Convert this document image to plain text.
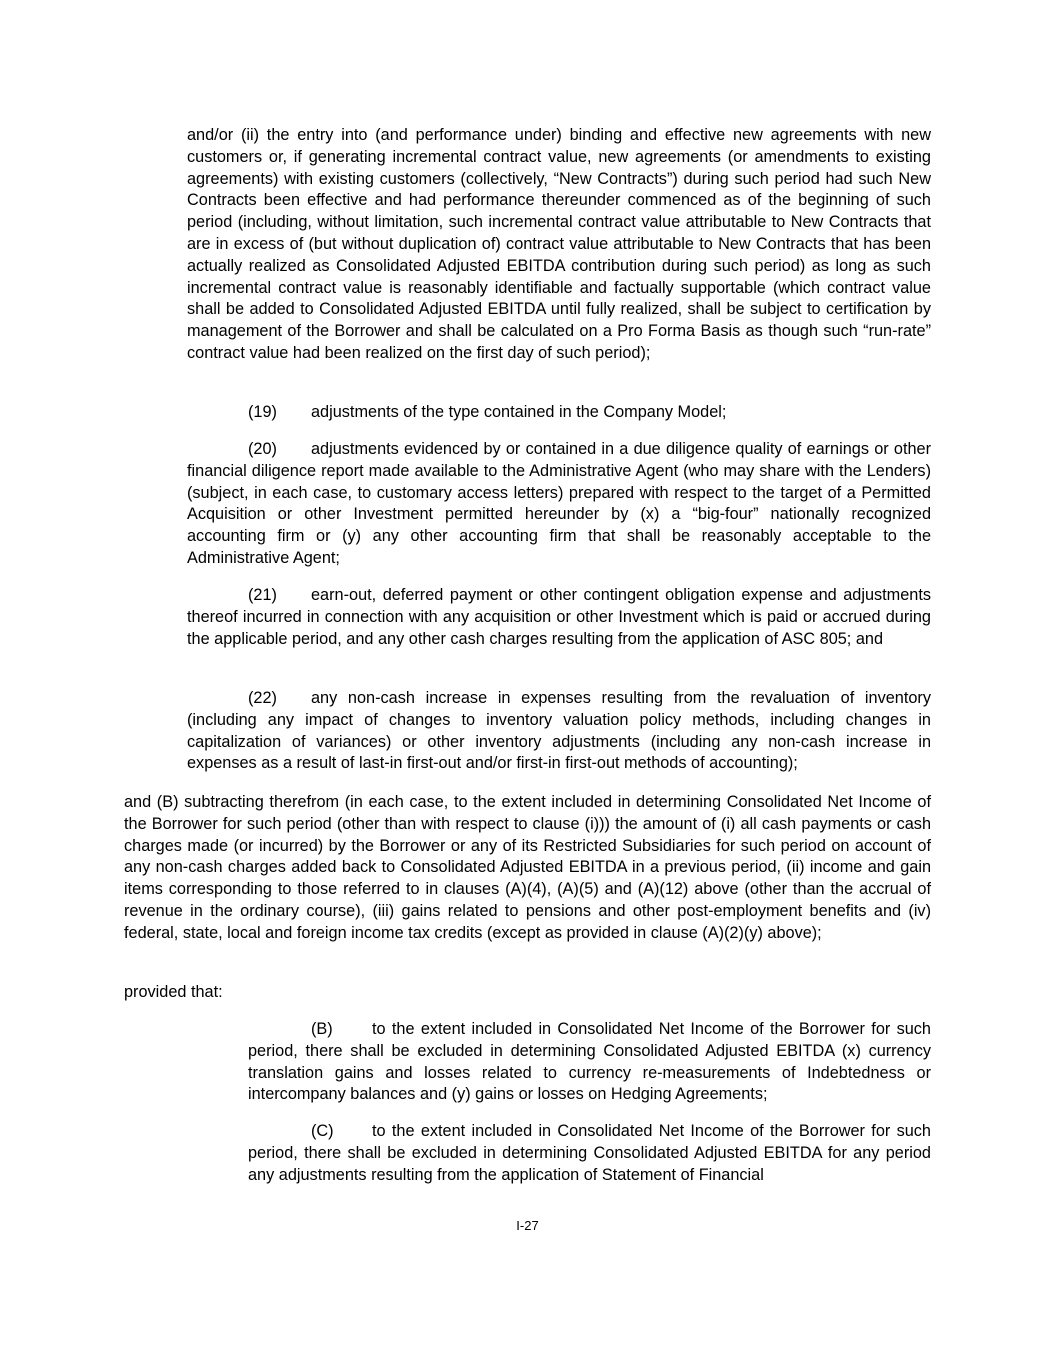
and/or (ii) the entry into (and performance under) binding and effective new agreements with new customers or, if generating incremental contract value, new agreements (or amendments to existing agreements) with existing customers (collectively, “New Contracts”) during such period had such New Contracts been effective and had performance thereunder commenced as of the beginning of such period (including, without limitation, such incremental contract value attributable to New Contracts that are in excess of (but without duplication of) contract value attributable to New Contracts that has been actually realized as Consolidated Adjusted EBITDA contribution during such period) as long as such incremental contract value is reasonably identifiable and factually supportable (which contract value shall be added to Consolidated Adjusted EBITDA until fully realized, shall be subject to certification by management of the Borrower and shall be calculated on a Pro Forma Basis as though such “run-rate” contract value had been realized on the first day of such period);

(19) adjustments of the type contained in the Company Model;

(20) adjustments evidenced by or contained in a due diligence quality of earnings or other financial diligence report made available to the Administrative Agent (who may share with the Lenders) (subject, in each case, to customary access letters) prepared with respect to the target of a Permitted Acquisition or other Investment permitted hereunder by (x) a “big-four” nationally recognized accounting firm or (y) any other accounting firm that shall be reasonably acceptable to the Administrative Agent;

(21) earn-out, deferred payment or other contingent obligation expense and adjustments thereof incurred in connection with any acquisition or other Investment which is paid or accrued during the applicable period, and any other cash charges resulting from the application of ASC 805; and

(22) any non-cash increase in expenses resulting from the revaluation of inventory (including any impact of changes to inventory valuation policy methods, including changes in capitalization of variances) or other inventory adjustments (including any non-cash increase in expenses as a result of last-in first-out and/or first-in first-out methods of accounting);

and (B) subtracting therefrom (in each case, to the extent included in determining Consolidated Net Income of the Borrower for such period (other than with respect to clause (i))) the amount of (i) all cash payments or cash charges made (or incurred) by the Borrower or any of its Restricted Subsidiaries for such period on account of any non-cash charges added back to Consolidated Adjusted EBITDA in a previous period, (ii) income and gain items corresponding to those referred to in clauses (A)(4), (A)(5) and (A)(12) above (other than the accrual of revenue in the ordinary course), (iii) gains related to pensions and other post-employment benefits and (iv) federal, state, local and foreign income tax credits (except as provided in clause (A)(2)(y) above);

provided that:

(B) to the extent included in Consolidated Net Income of the Borrower for such period, there shall be excluded in determining Consolidated Adjusted EBITDA (x) currency translation gains and losses related to currency re-measurements of Indebtedness or intercompany balances and (y) gains or losses on Hedging Agreements;

(C) to the extent included in Consolidated Net Income of the Borrower for such period, there shall be excluded in determining Consolidated Adjusted EBITDA for any period any adjustments resulting from the application of Statement of Financial

I-27
